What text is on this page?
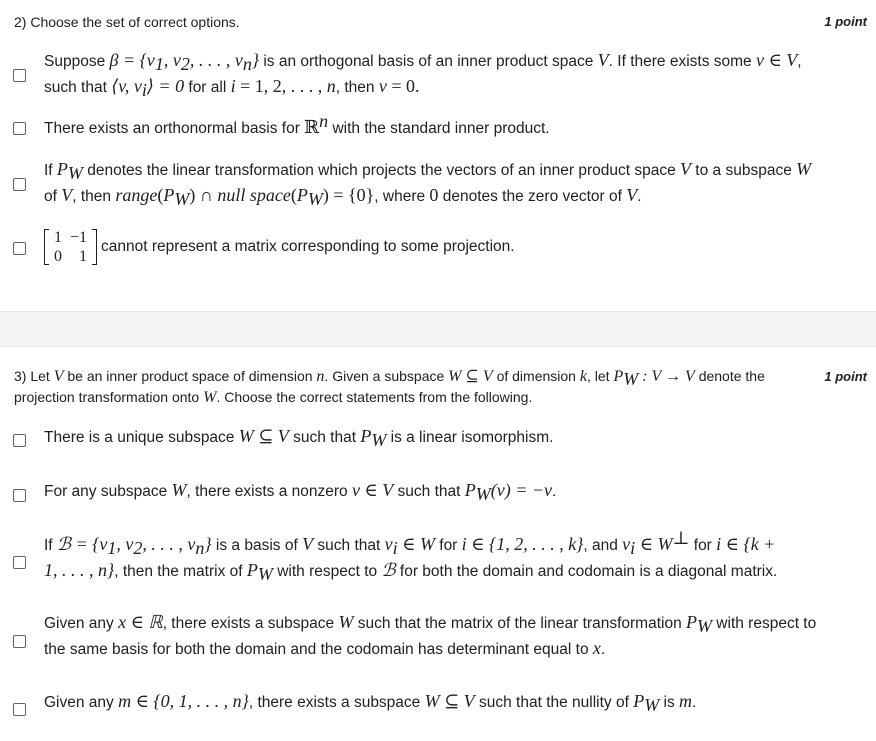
2) Choose the set of correct options.	1 point
Suppose $\beta = \{v_1$, $v_2$, . . . , $v_n$} is an orthogonal basis of an inner product space V. If there exists some v ∈ V,
such that ⟨v, $v_i⟩ = 0$ for all i = 1, 2, . . . , n, then v = 0.
There exists an orthonormal basis for ℝ$^n$ with the standard inner product.
If $P_W$ denotes the linear transformation which projects the vectors of an inner product space V to a subspace W
of V, then $range(P_W)$ ∩ null $space(P_W) = \{0\}$, where 0 denotes the zero vector of V.
1	−1
0	1
cannot represent a matrix corresponding to some projection.
3) Let V be an inner product space of dimension n. Given a subspace W ⊆ V of dimension k, let $P_W$ : V → V denote the
projection transformation onto W. Choose the correct statements from the following.
1 point
There is a unique subspace W ⊆ V such that $P_W$ is a linear isomorphism.
For any subspace W, there exists a nonzero v ∈ V such that $P_W(v) = -v$.
If ℬ = {$v_1$, $v_2$, . . . , $v_n$} is a basis of V such that $v_i$ ∈ W for i ∈ {1, 2, . . . , k}, and $v_i$ ∈ W⊥ for i ∈ {k +
1, . . . , n}, then the matrix of $P_W$ with respect to ℬ for both the domain and codomain is a diagonal matrix.
Given any x ∈ ℝ, there exists a subspace W such that the matrix of the linear transformation $P_W$ with respect to
the same basis for both the domain and the codomain has determinant equal to x.
Given any m ∈ {0, 1, . . . , n}, there exists a subspace W ⊆ V such that the nullity of $P_W$ is m.
